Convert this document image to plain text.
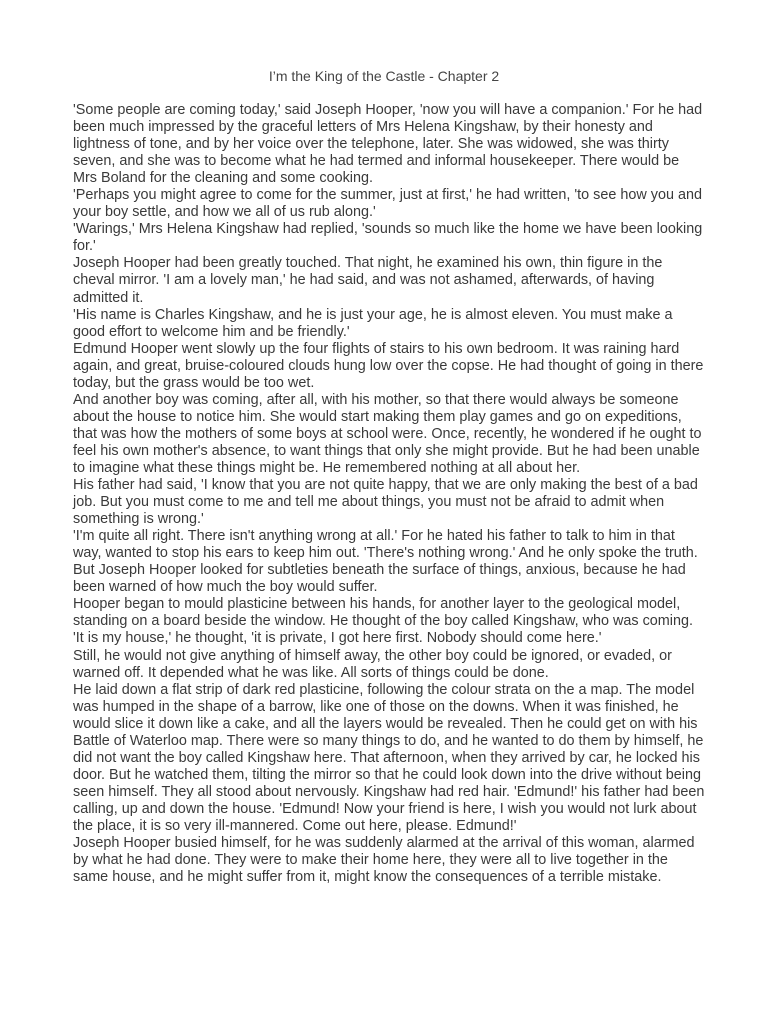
I’m the King of the Castle - Chapter 2

'Some people are coming today,' said Joseph Hooper, 'now you will have a companion.' For he had been much impressed by the graceful letters of Mrs Helena Kingshaw, by their honesty and lightness of tone, and by her voice over the telephone, later. She was widowed, she was thirty seven, and she was to become what he had termed and informal housekeeper. There would be Mrs Boland for the cleaning and some cooking.

'Perhaps you might agree to come for the summer, just at first,' he had written, 'to see how you and your boy settle, and how we all of us rub along.'

'Warings,' Mrs Helena Kingshaw had replied, 'sounds so much like the home we have been looking for.'

Joseph Hooper had been greatly touched. That night, he examined his own, thin figure in the cheval mirror. 'I am a lovely man,' he had said, and was not ashamed, afterwards, of having admitted it.

'His name is Charles Kingshaw, and he is just your age, he is almost eleven. You must make a good effort to welcome him and be friendly.'

Edmund Hooper went slowly up the four flights of stairs to his own bedroom. It was raining hard again, and great, bruise-coloured clouds hung low over the copse. He had thought of going in there today, but the grass would be too wet.

And another boy was coming, after all, with his mother, so that there would always be someone about the house to notice him. She would start making them play games and go on expeditions, that was how the mothers of some boys at school were. Once, recently, he wondered if he ought to feel his own mother's absence, to want things that only she might provide. But he had been unable to imagine what these things might be. He remembered nothing at all about her.

His father had said, 'I know that you are not quite happy, that we are only making the best of a bad job. But you must come to me and tell me about things, you must not be afraid to admit when something is wrong.'

'I'm quite all right. There isn't anything wrong at all.' For he hated his father to talk to him in that way, wanted to stop his ears to keep him out. 'There's nothing wrong.' And he only spoke the truth. But Joseph Hooper looked for subtleties beneath the surface of things, anxious, because he had been warned of how much the boy would suffer.

Hooper began to mould plasticine between his hands, for another layer to the geological model, standing on a board beside the window. He thought of the boy called Kingshaw, who was coming.

'It is my house,' he thought, 'it is private, I got here first. Nobody should come here.'

Still, he would not give anything of himself away, the other boy could be ignored, or evaded, or warned off. It depended what he was like. All sorts of things could be done.

He laid down a flat strip of dark red plasticine, following the colour strata on the a map. The model was humped in the shape of a barrow, like one of those on the downs. When it was finished, he would slice it down like a cake, and all the layers would be revealed. Then he could get on with his Battle of Waterloo map. There were so many things to do, and he wanted to do them by himself, he did not want the boy called Kingshaw here. That afternoon, when they arrived by car, he locked his door. But he watched them, tilting the mirror so that he could look down into the drive without being seen himself. They all stood about nervously. Kingshaw had red hair. 'Edmund!' his father had been calling, up and down the house. 'Edmund! Now your friend is here, I wish you would not lurk about the place, it is so very ill-mannered. Come out here, please. Edmund!'

Joseph Hooper busied himself, for he was suddenly alarmed at the arrival of this woman, alarmed by what he had done. They were to make their home here, they were all to live together in the same house, and he might suffer from it, might know the consequences of a terrible mistake.
